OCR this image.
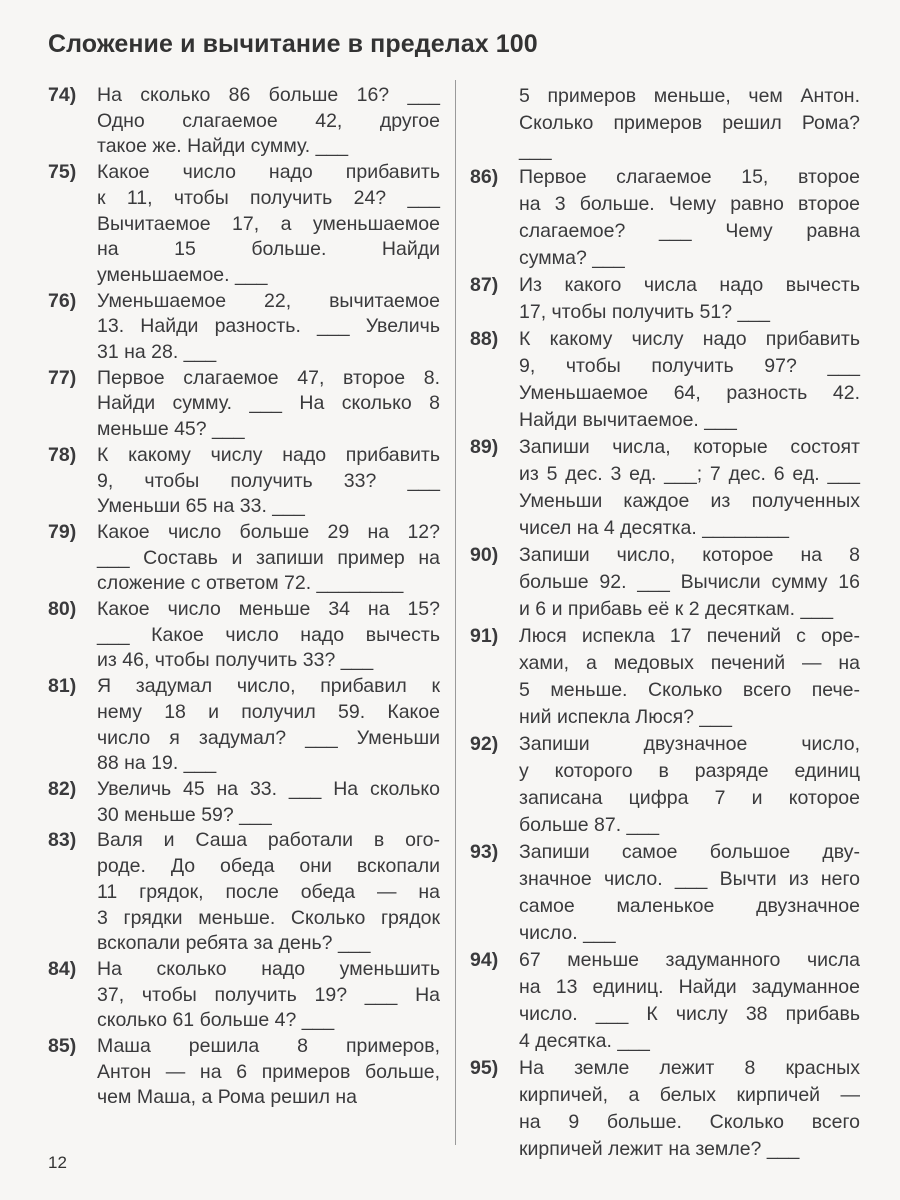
Сложение и вычитание в пределах 100
74) На сколько 86 больше 16? ___
Одно слагаемое 42, другое
такое же. Найди сумму. ___
75) Какое число надо прибавить
к 11, чтобы получить 24? ___
Вычитаемое 17, а уменьшаемое
на 15 больше. Найди
уменьшаемое. ___
76) Уменьшаемое 22, вычитаемое
13. Найди разность. ___ Увеличь
31 на 28. ___
77) Первое слагаемое 47, второе 8.
Найди сумму. ___ На сколько 8
меньше 45? ___
78) К какому числу надо прибавить
9, чтобы получить 33? ___
Уменьши 65 на 33. ___
79) Какое число больше 29 на 12?
___ Составь и запиши пример на
сложение с ответом 72. ________
80) Какое число меньше 34 на 15?
___ Какое число надо вычесть
из 46, чтобы получить 33? ___
81) Я задумал число, прибавил к
нему 18 и получил 59. Какое
число я задумал? ___ Уменьши
88 на 19. ___
82) Увеличь 45 на 33. ___ На сколько
30 меньше 59? ___
83) Валя и Саша работали в ого-
роде. До обеда они вскопали
11 грядок, после обеда — на
3 грядки меньше. Сколько грядок
вскопали ребята за день? ___
84) На сколько надо уменьшить
37, чтобы получить 19? ___ На
сколько 61 больше 4? ___
85) Маша решила 8 примеров,
Антон — на 6 примеров больше,
чем Маша, а Рома решил на
5 примеров меньше, чем Антон.
Сколько примеров решил Рома?
___
86) Первое слагаемое 15, второе
на 3 больше. Чему равно второе
слагаемое? ___ Чему равна
сумма? ___
87) Из какого числа надо вычесть
17, чтобы получить 51? ___
88) К какому числу надо прибавить
9, чтобы получить 97? ___
Уменьшаемое 64, разность 42.
Найди вычитаемое. ___
89) Запиши числа, которые состоят
из 5 дес. 3 ед. ___; 7 дес. 6 ед. ___
Уменьши каждое из полученных
чисел на 4 десятка. ________
90) Запиши число, которое на 8
больше 92. ___ Вычисли сумму 16
и 6 и прибавь её к 2 десяткам. ___
91) Люся испекла 17 печений с оре-
хами, а медовых печений — на
5 меньше. Сколько всего пече-
ний испекла Люся? ___
92) Запиши двузначное число,
у которого в разряде единиц
записана цифра 7 и которое
больше 87. ___
93) Запиши самое большое дву-
значное число. ___ Вычти из него
самое маленькое двузначное
число. ___
94) 67 меньше задуманного числа
на 13 единиц. Найди задуманное
число. ___ К числу 38 прибавь
4 десятка. ___
95) На земле лежит 8 красных
кирпичей, а белых кирпичей —
на 9 больше. Сколько всего
кирпичей лежит на земле? ___
12
